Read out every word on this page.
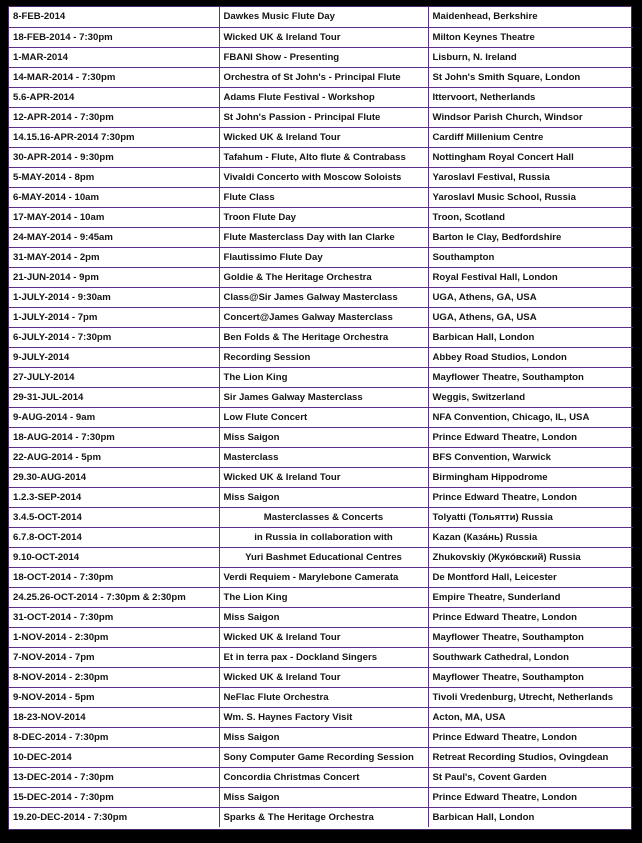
8-FEB-2014	Dawkes Music Flute Day	Maidenhead, Berkshire
18-FEB-2014 - 7:30pm	Wicked UK & Ireland Tour	Milton Keynes Theatre
1-MAR-2014	FBANI Show - Presenting	Lisburn, N. Ireland
14-MAR-2014 - 7:30pm	Orchestra of St John's - Principal Flute	St John's Smith Square, London
5.6-APR-2014	Adams Flute Festival - Workshop	Ittervoort, Netherlands
12-APR-2014 - 7:30pm	St John's Passion - Principal Flute	Windsor Parish Church, Windsor
14.15.16-APR-2014 7:30pm	Wicked UK & Ireland Tour	Cardiff Millenium Centre
30-APR-2014 - 9:30pm	Tafahum - Flute, Alto flute & Contrabass	Nottingham Royal Concert Hall
5-MAY-2014 - 8pm	Vivaldi Concerto with Moscow Soloists	Yaroslavl Festival, Russia
6-MAY-2014 - 10am	Flute Class	Yaroslavl Music School, Russia
17-MAY-2014 - 10am	Troon Flute Day	Troon, Scotland
24-MAY-2014 - 9:45am	Flute Masterclass Day with Ian Clarke	Barton le Clay, Bedfordshire
31-MAY-2014 - 2pm	Flautissimo Flute Day	Southampton
21-JUN-2014 - 9pm	Goldie & The Heritage Orchestra	Royal Festival Hall, London
1-JULY-2014 - 9:30am	Class@Sir James Galway Masterclass	UGA, Athens, GA, USA
1-JULY-2014 - 7pm	Concert@James Galway Masterclass	UGA, Athens, GA, USA
6-JULY-2014 - 7:30pm	Ben Folds & The Heritage Orchestra	Barbican Hall, London
9-JULY-2014	Recording Session	Abbey Road Studios, London
27-JULY-2014	The Lion King	Mayflower Theatre, Southampton
29-31-JUL-2014	Sir James Galway Masterclass	Weggis, Switzerland
9-AUG-2014 - 9am	Low Flute Concert	NFA Convention, Chicago, IL, USA
18-AUG-2014 - 7:30pm	Miss Saigon	Prince Edward Theatre, London
22-AUG-2014 - 5pm	Masterclass	BFS Convention, Warwick
29.30-AUG-2014	Wicked UK & Ireland Tour	Birmingham Hippodrome
1.2.3-SEP-2014	Miss Saigon	Prince Edward Theatre, London
3.4.5-OCT-2014	Masterclasses & Concerts	Tolyatti (Тольятти) Russia
6.7.8-OCT-2014	in Russia in collaboration with	Kazan (Казáнь) Russia
9.10-OCT-2014	Yuri Bashmet Educational Centres	Zhukovskiy (Жукóвский) Russia
18-OCT-2014 - 7:30pm	Verdi Requiem - Marylebone Camerata	De Montford Hall, Leicester
24.25.26-OCT-2014 - 7:30pm & 2:30pm	The Lion King	Empire Theatre, Sunderland
31-OCT-2014 - 7:30pm	Miss Saigon	Prince Edward Theatre, London
1-NOV-2014 - 2:30pm	Wicked UK & Ireland Tour	Mayflower Theatre, Southampton
7-NOV-2014 - 7pm	Et in terra pax - Dockland Singers	Southwark Cathedral, London
8-NOV-2014 - 2:30pm	Wicked UK & Ireland Tour	Mayflower Theatre, Southampton
9-NOV-2014 - 5pm	NeFlac Flute Orchestra	Tivoli Vredenburg, Utrecht, Netherlands
18-23-NOV-2014	Wm. S. Haynes Factory Visit	Acton, MA, USA
8-DEC-2014 - 7:30pm	Miss Saigon	Prince Edward Theatre, London
10-DEC-2014	Sony Computer Game Recording Session	Retreat Recording Studios, Ovingdean
13-DEC-2014 - 7:30pm	Concordia Christmas Concert	St Paul's, Covent Garden
15-DEC-2014 - 7:30pm	Miss Saigon	Prince Edward Theatre, London
19.20-DEC-2014 - 7:30pm	Sparks & The Heritage Orchestra	Barbican Hall, London
